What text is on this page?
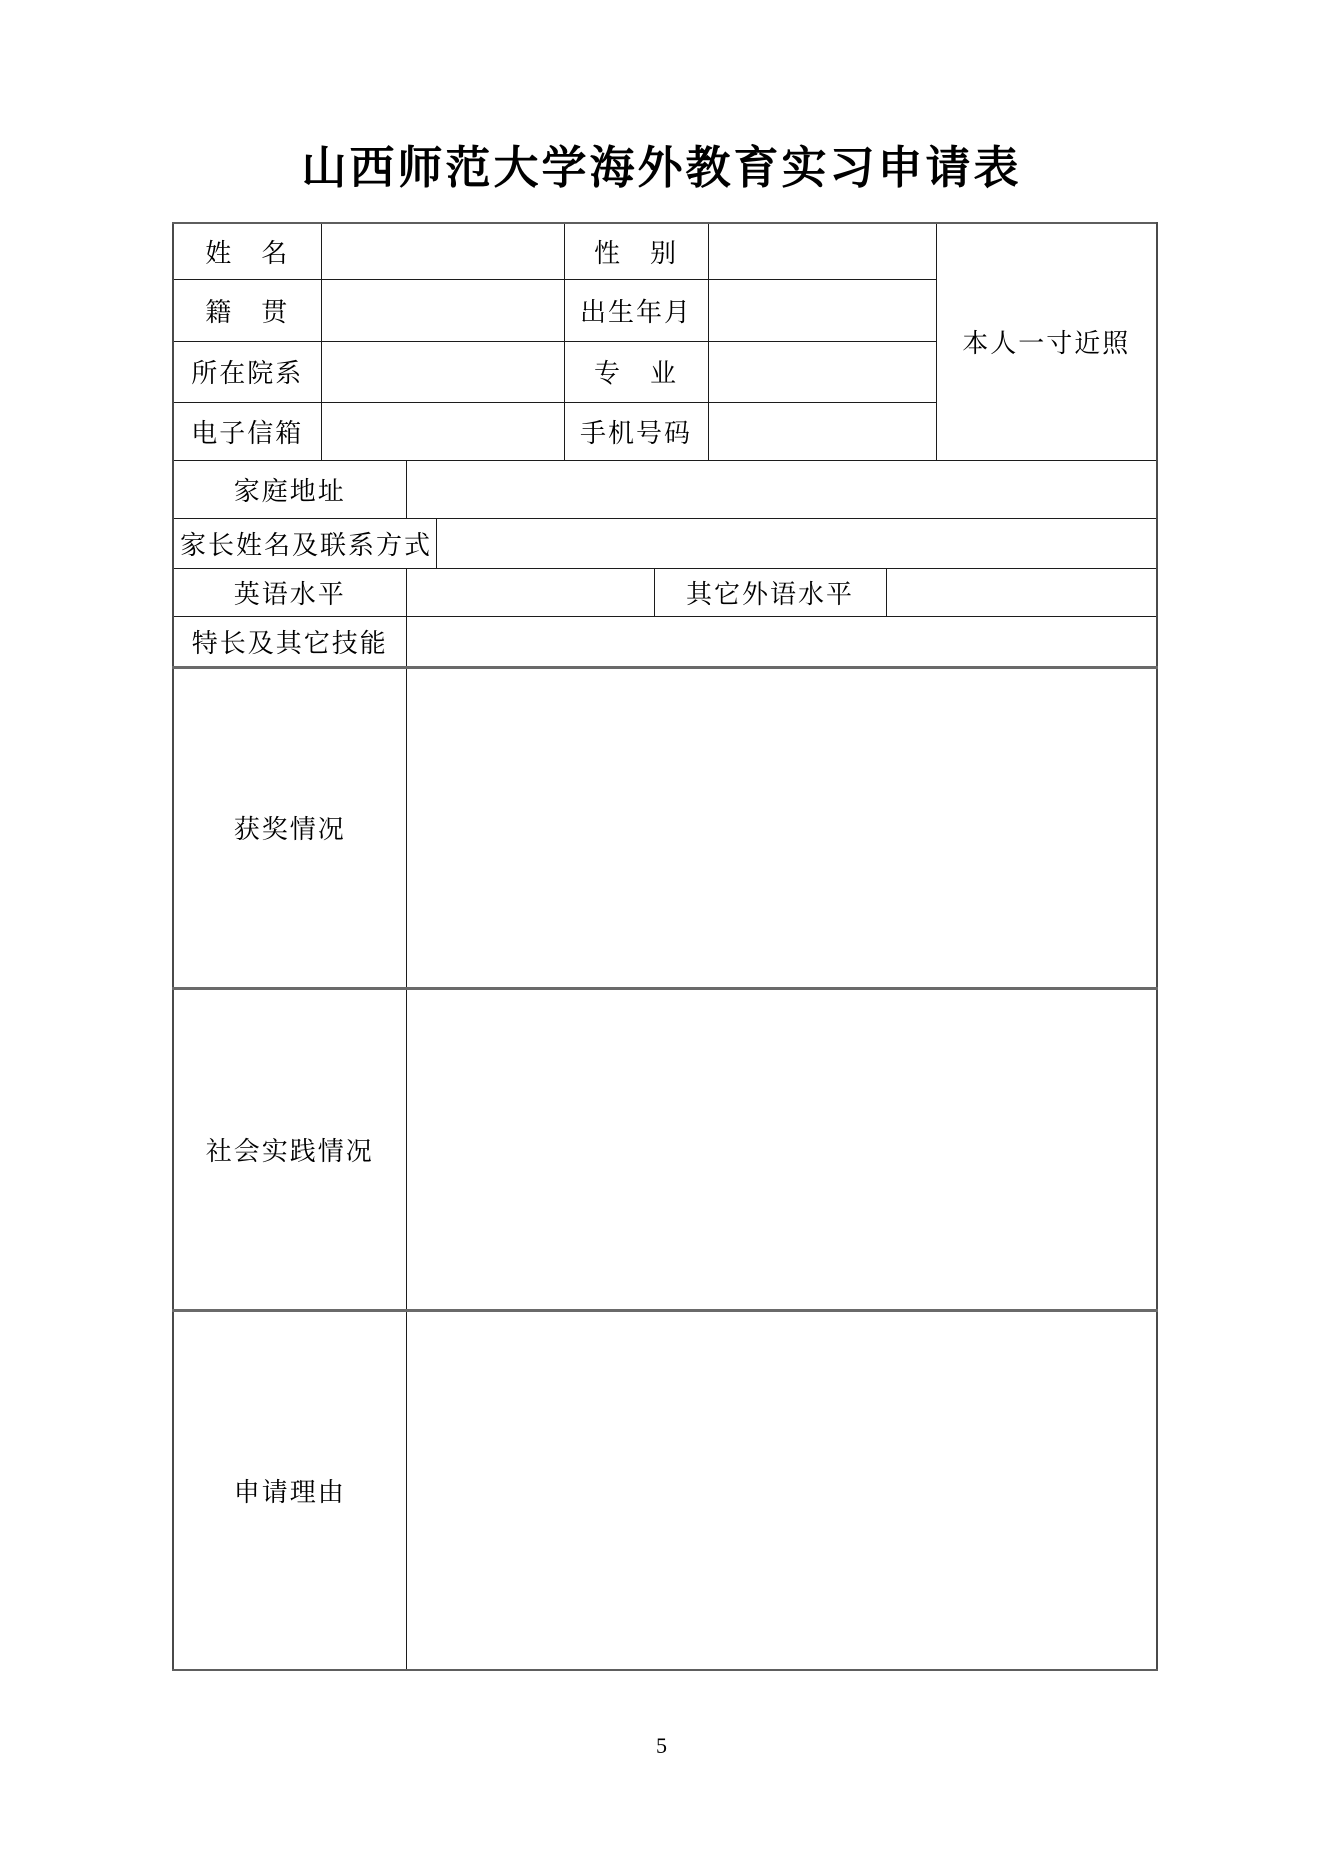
山西师范大学海外教育实习申请表
姓　名				性　别				本人一寸近照
籍　贯				出生年月				
所在院系				专　业				
电子信箱				手机号码				
家庭地址								
家长姓名及联系方式								
英语水平					其它外语水平			
特长及其它技能								
获奖情况								
社会实践情况								
申请理由								
5
